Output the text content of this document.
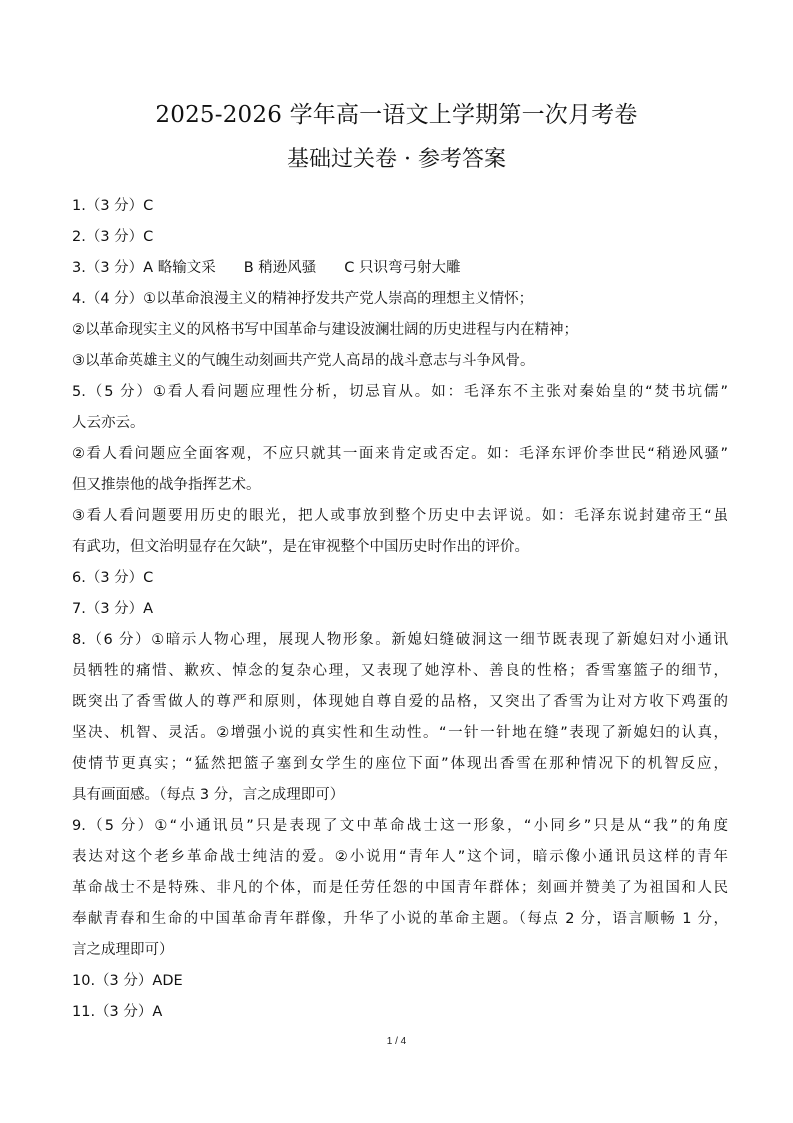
2025-2026 学年高一语文上学期第一次月考卷
基础过关卷 · 参考答案
1.（3 分）C
2.（3 分）C
3.（3 分）A 略输文采 B 稍逊风骚 C 只识弯弓射大雕
4.（4 分）①以革命浪漫主义的精神抒发共产党人崇高的理想主义情怀；
②以革命现实主义的风格书写中国革命与建设波澜壮阔的历史进程与内在精神；
③以革命英雄主义的气魄生动刻画共产党人高昂的战斗意志与斗争风骨。
5.（5 分）①看人看问题应理性分析，切忌盲从。如：毛泽东不主张对秦始皇的“焚书坑儒”
人云亦云。
②看人看问题应全面客观，不应只就其一面来肯定或否定。如：毛泽东评价李世民“稍逊风骚”
但又推崇他的战争指挥艺术。
③看人看问题要用历史的眼光，把人或事放到整个历史中去评说。如：毛泽东说封建帝王“虽
有武功，但文治明显存在欠缺”，是在审视整个中国历史时作出的评价。
6.（3 分）C
7.（3 分）A
8.（6 分）①暗示人物心理，展现人物形象。新媳妇缝破洞这一细节既表现了新媳妇对小通讯
员牺牲的痛惜、歉疚、悼念的复杂心理，又表现了她淳朴、善良的性格；香雪塞篮子的细节，
既突出了香雪做人的尊严和原则，体现她自尊自爱的品格，又突出了香雪为让对方收下鸡蛋的
坚决、机智、灵活。②增强小说的真实性和生动性。“一针一针地在缝”表现了新媳妇的认真，
使情节更真实；“猛然把篮子塞到女学生的座位下面”体现出香雪在那种情况下的机智反应，
具有画面感。（每点 3 分，言之成理即可）
9.（5 分）①“小通讯员”只是表现了文中革命战士这一形象，“小同乡”只是从“我”的角度
表达对这个老乡革命战士纯洁的爱。②小说用“青年人”这个词，暗示像小通讯员这样的青年
革命战士不是特殊、非凡的个体，而是任劳任怨的中国青年群体；刻画并赞美了为祖国和人民
奉献青春和生命的中国革命青年群像，升华了小说的革命主题。（每点 2 分，语言顺畅 1 分，
言之成理即可）
10.（3 分）ADE
11.（3 分）A
1 / 4
